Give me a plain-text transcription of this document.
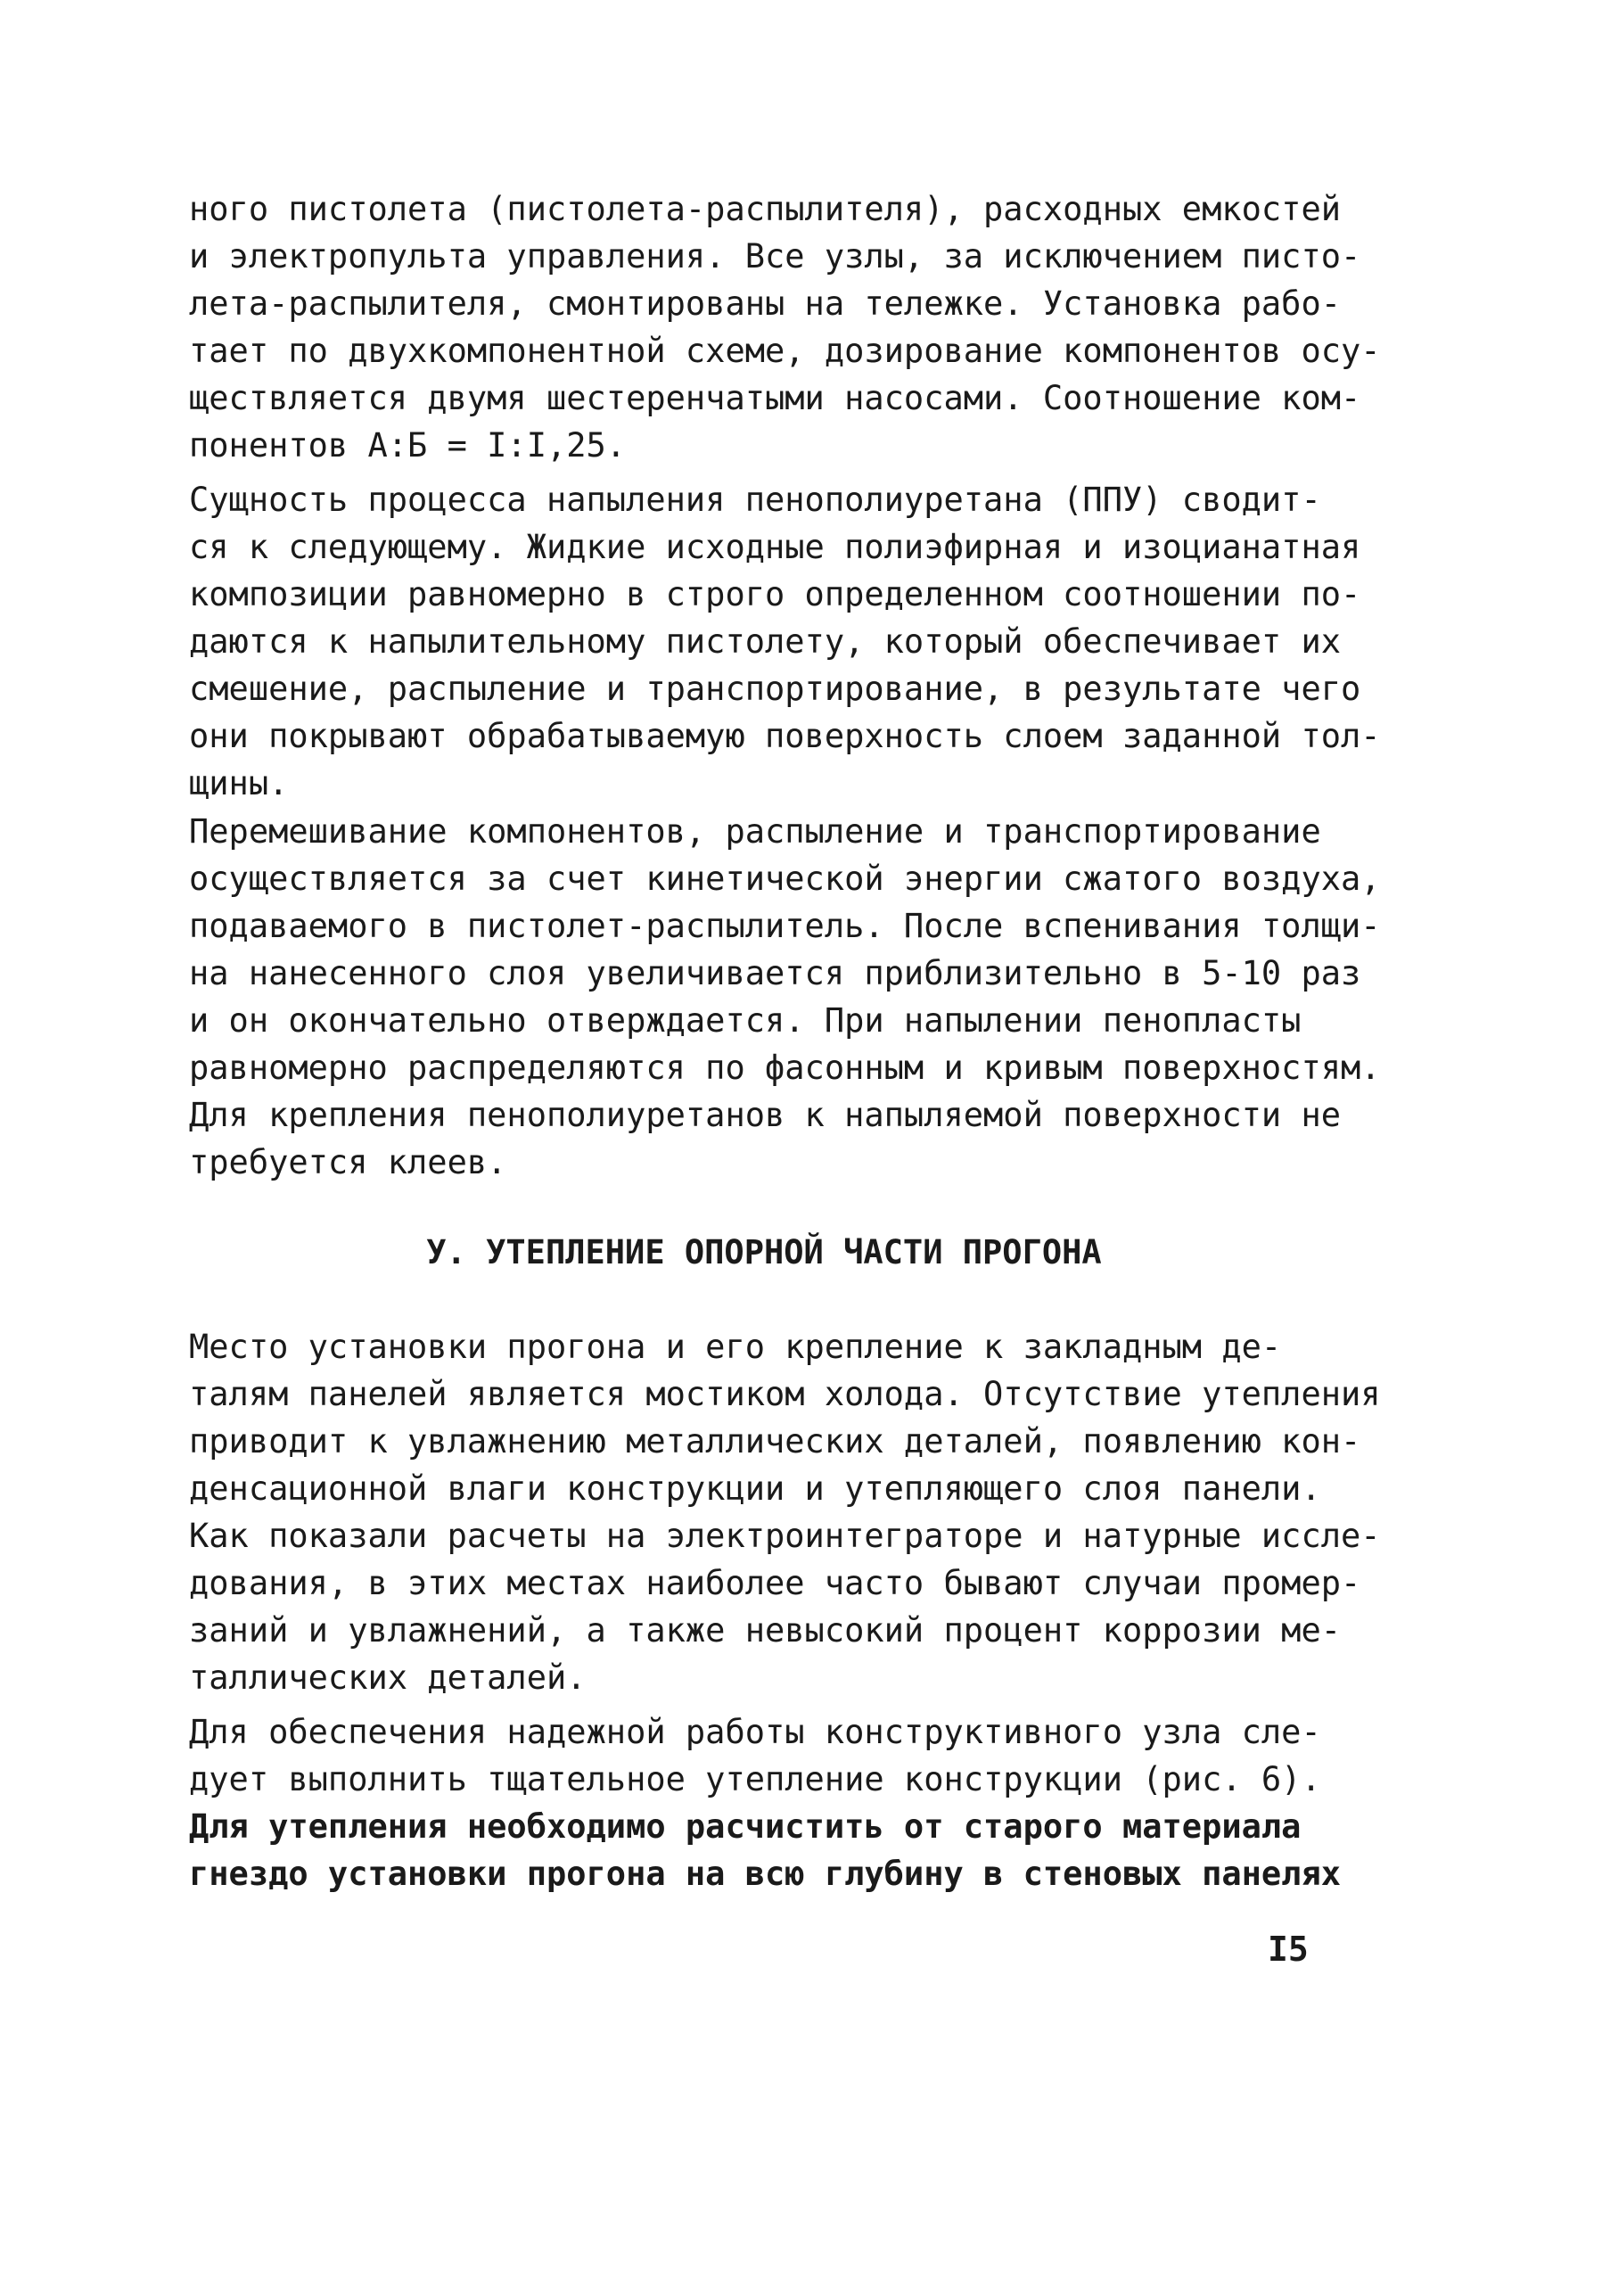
ного пистолета (пистолета-распылителя), расходных емкостей
и электропульта управления. Все узлы, за исключением писто-
лета-распылителя, смонтированы на тележке. Установка рабо-
тает по двухкомпонентной схеме, дозирование компонентов осу-
ществляется двумя шестеренчатыми насосами. Соотношение ком-
понентов А:Б = I:I,25.
Сущность процесса напыления пенополиуретана (ППУ) сводит-
ся к следующему. Жидкие исходные полиэфирная и изоцианатная
композиции равномерно в строго определенном соотношении по-
даются к напылительному пистолету, который обеспечивает их
смешение, распыление и транспортирование, в результате чего
они покрывают обрабатываемую поверхность слоем заданной тол-
щины.
Перемешивание компонентов, распыление и транспортирование
осуществляется за счет кинетической энергии сжатого воздуха,
подаваемого в пистолет-распылитель. После вспенивания толщи-
на нанесенного слоя увеличивается приблизительно в 5-10 раз
и он окончательно отверждается. При напылении пенопласты
равномерно распределяются по фасонным и кривым поверхностям.
Для крепления пенополиуретанов к напыляемой поверхности не
требуется клеев.
У. УТЕПЛЕНИЕ ОПОРНОЙ ЧАСТИ ПРОГОНА
Место установки прогона и его крепление к закладным де-
талям панелей является мостиком холода. Отсутствие утепления
приводит к увлажнению металлических деталей, появлению кон-
денсационной влаги конструкции и утепляющего слоя панели.
Как показали расчеты на электроинтеграторе и натурные иссле-
дования, в этих местах наиболее часто бывают случаи промер-
заний и увлажнений, а также невысокий процент коррозии ме-
таллических деталей.
Для обеспечения надежной работы конструктивного узла сле-
дует выполнить тщательное утепление конструкции (рис. 6).
Для утепления необходимо расчистить от старого материала
гнездо установки прогона на всю глубину в стеновых панелях
I5
